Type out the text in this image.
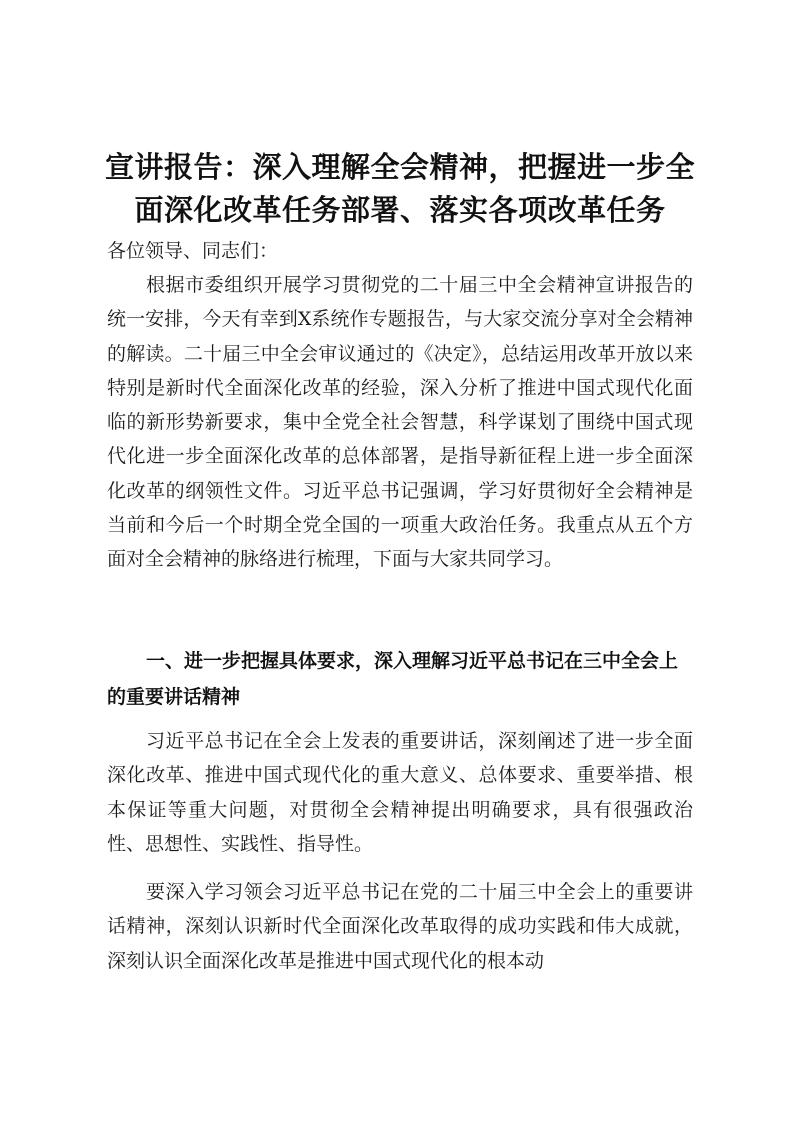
宣讲报告：深入理解全会精神，把握进一步全面深化改革任务部署、落实各项改革任务

各位领导、同志们：

根据市委组织开展学习贯彻党的二十届三中全会精神宣讲报告的统一安排，今天有幸到X系统作专题报告，与大家交流分享对全会精神的解读。二十届三中全会审议通过的《决定》，总结运用改革开放以来特别是新时代全面深化改革的经验，深入分析了推进中国式现代化面临的新形势新要求，集中全党全社会智慧，科学谋划了围绕中国式现代化进一步全面深化改革的总体部署，是指导新征程上进一步全面深化改革的纲领性文件。习近平总书记强调，学习好贯彻好全会精神是当前和今后一个时期全党全国的一项重大政治任务。我重点从五个方面对全会精神的脉络进行梳理，下面与大家共同学习。

一、进一步把握具体要求，深入理解习近平总书记在三中全会上的重要讲话精神

习近平总书记在全会上发表的重要讲话，深刻阐述了进一步全面深化改革、推进中国式现代化的重大意义、总体要求、重要举措、根本保证等重大问题，对贯彻全会精神提出明确要求，具有很强政治性、思想性、实践性、指导性。

要深入学习领会习近平总书记在党的二十届三中全会上的重要讲话精神，深刻认识新时代全面深化改革取得的成功实践和伟大成就，深刻认识全面深化改革是推进中国式现代化的根本动
